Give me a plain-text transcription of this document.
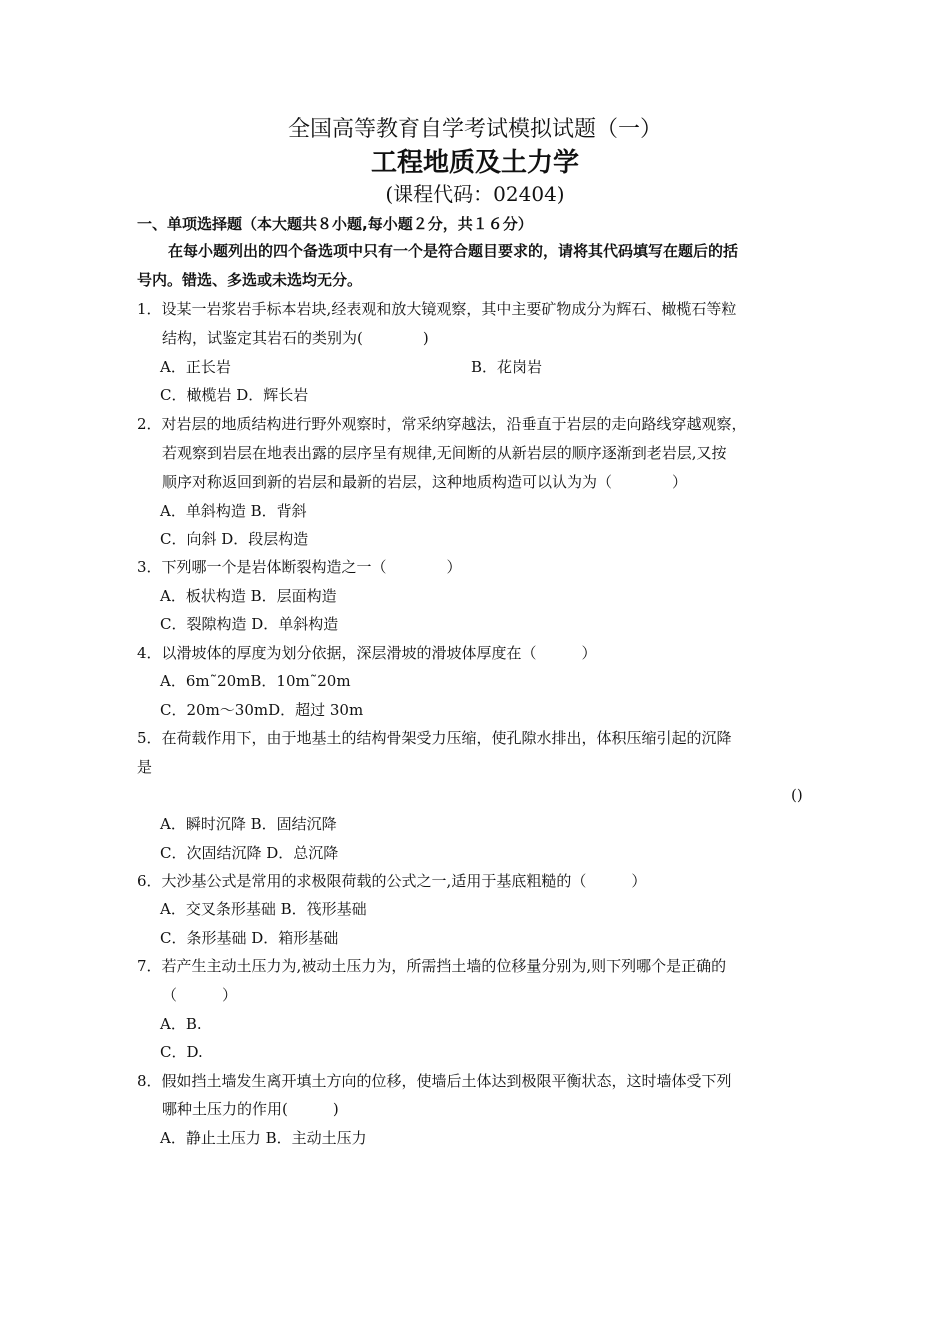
全国高等教育自学考试模拟试题（一）
工程地质及土力学
(课程代码：02404)
一、单项选择题（本大题共８小题,每小题２分，共１６分）
在每小题列出的四个备选项中只有一个是符合题目要求的，请将其代码填写在题后的括
号内。错选、多选或未选均无分。
1．设某一岩浆岩手标本岩块,经表观和放大镜观察，其中主要矿物成分为辉石、橄榄石等粒
结构，试鉴定其岩石的类别为(　　　　)
A．正长岩	B．花岗岩
C．橄榄岩 D．辉长岩
2．对岩层的地质结构进行野外观察时，常采纳穿越法，沿垂直于岩层的走向路线穿越观察，
若观察到岩层在地表出露的层序呈有规律,无间断的从新岩层的顺序逐渐到老岩层,又按
顺序对称返回到新的岩层和最新的岩层，这种地质构造可以认为为（　　　　）
A．单斜构造 B．背斜
C．向斜 D．段层构造
3．下列哪一个是岩体断裂构造之一（　　　　）
A．板状构造 B．层面构造
C．裂隙构造 D．单斜构造
4．以滑坡体的厚度为划分依据，深层滑坡的滑坡体厚度在（　　　）
A．6m˜20mB．10m˜20m
C．20m～30mD．超过 30m
5．在荷载作用下，由于地基土的结构骨架受力压缩，使孔隙水排出，体积压缩引起的沉降
是
()
A．瞬时沉降 B．固结沉降
C．次固结沉降 D．总沉降
6．大沙基公式是常用的求极限荷载的公式之一,适用于基底粗糙的（　　　）
A．交叉条形基础 B．筏形基础
C．条形基础 D．箱形基础
7．若产生主动土压力为,被动土压力为，所需挡土墙的位移量分别为,则下列哪个是正确的
（　　　）
A．B.
C．D.
8．假如挡土墙发生离开填土方向的位移，使墙后土体达到极限平衡状态，这时墙体受下列
哪种土压力的作用(　　　)
A．静止土压力 B．主动土压力
